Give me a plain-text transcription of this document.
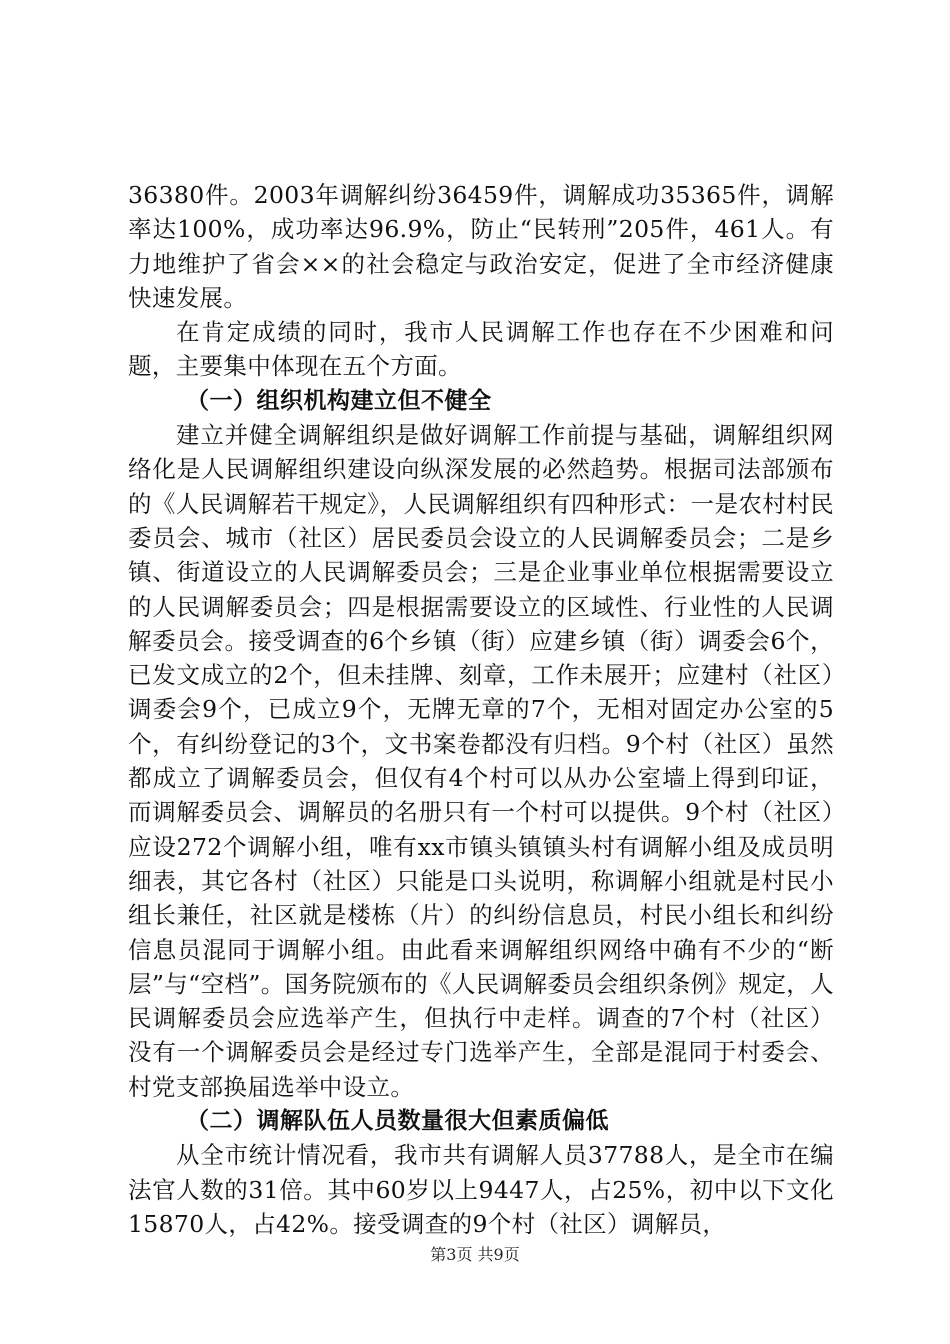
36380件。2003年调解纠纷36459件，调解成功35365件，调解率达100%，成功率达96.9%，防止“民转刑”205件，461人。有力地维护了省会××的社会稳定与政治安定，促进了全市经济健康快速发展。

在肯定成绩的同时，我市人民调解工作也存在不少困难和问题，主要集中体现在五个方面。

（一）组织机构建立但不健全

建立并健全调解组织是做好调解工作前提与基础，调解组织网络化是人民调解组织建设向纵深发展的必然趋势。根据司法部颁布的《人民调解若干规定》，人民调解组织有四种形式：一是农村村民委员会、城市（社区）居民委员会设立的人民调解委员会；二是乡镇、街道设立的人民调解委员会；三是企业事业单位根据需要设立的人民调解委员会；四是根据需要设立的区域性、行业性的人民调解委员会。接受调查的6个乡镇（街）应建乡镇（街）调委会6个，已发文成立的2个，但未挂牌、刻章，工作未展开；应建村（社区）调委会9个，已成立9个，无牌无章的7个，无相对固定办公室的5个，有纠纷登记的3个，文书案卷都没有归档。9个村（社区）虽然都成立了调解委员会，但仅有4个村可以从办公室墙上得到印证，而调解委员会、调解员的名册只有一个村可以提供。9个村（社区）应设272个调解小组，唯有xx市镇头镇镇头村有调解小组及成员明细表，其它各村（社区）只能是口头说明，称调解小组就是村民小组长兼任，社区就是楼栋（片）的纠纷信息员，村民小组长和纠纷信息员混同于调解小组。由此看来调解组织网络中确有不少的“断层”与“空档”。国务院颁布的《人民调解委员会组织条例》规定，人民调解委员会应选举产生，但执行中走样。调查的7个村（社区）没有一个调解委员会是经过专门选举产生，全部是混同于村委会、村党支部换届选举中设立。

（二）调解队伍人员数量很大但素质偏低

从全市统计情况看，我市共有调解人员37788人，是全市在编法官人数的31倍。其中60岁以上9447人，占25%，初中以下文化15870人，占42%。接受调查的9个村（社区）调解员，

第3页 共9页
